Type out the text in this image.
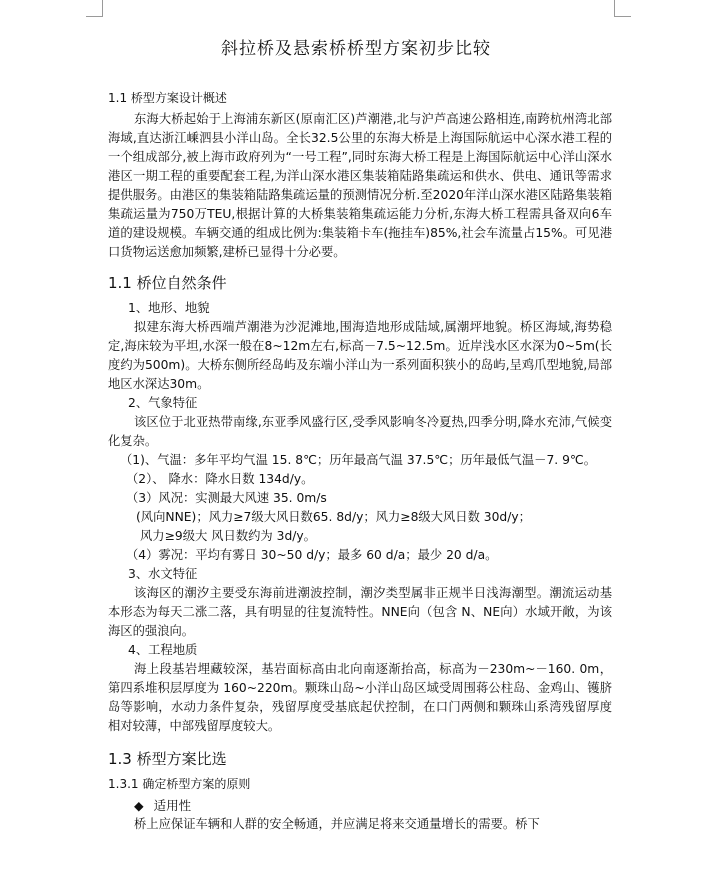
斜拉桥及悬索桥桥型方案初步比较
1.1 桥型方案设计概述

东海大桥起始于上海浦东新区(原南汇区)芦潮港,北与沪芦高速公路相连,南跨杭州湾北部海域,直达浙江嵊泗县小洋山岛。全长32.5公里的东海大桥是上海国际航运中心深水港工程的一个组成部分,被上海市政府列为“一号工程”,同时东海大桥工程是上海国际航运中心洋山深水港区一期工程的重要配套工程,为洋山深水港区集装箱陆路集疏运和供水、供电、通讯等需求提供服务。由港区的集装箱陆路集疏运量的预测情况分析.至2020年洋山深水港区陆路集装箱集疏运量为750万TEU,根据计算的大桥集装箱集疏运能力分析,东海大桥工程需具备双向6车道的建设规模。车辆交通的组成比例为:集装箱卡车(拖挂车)85%,社会车流量占15%。可见港口货物运送愈加频繁,建桥已显得十分必要。

1.1 桥位自然条件
1、地形、地貌

拟建东海大桥西端芦潮港为沙泥滩地,围海造地形成陆域,属潮坪地貌。桥区海域,海势稳定,海床较为平坦,水深一般在8~12m左右,标高－7.5~12.5m。近岸浅水区水深为0~5m(长度约为500m)。大桥东侧所经岛屿及东端小洋山为一系列面积狭小的岛屿,呈鸡爪型地貌,局部地区水深达30m。

2、气象特征

该区位于北亚热带南缘,东亚季风盛行区,受季风影响冬冷夏热,四季分明,降水充沛,气候变化复杂。

（1)、气温：多年平均气温 15. 8℃；历年最高气温 37.5℃；历年最低气温－7. 9℃。

（2）、 降水：降水日数 134d/y。
（3）风况：实测最大风速 35. 0m/s
(风向NNE)；风力≥7级大风日数65. 8d/y；风力≥8级大风日数 30d/y；
风力≥9级大 风日数约为 3d/y。
（4）雾况：平均有雾日 30~50 d/y；最多 60 d/a；最少 20 d/a。
3、水文特征

该海区的潮汐主要受东海前进潮波控制，潮汐类型属非正规半日浅海潮型。潮流运动基本形态为每天二涨二落，具有明显的往复流特性。NNE向（包含 N、NE向）水域开敞，为该海区的强浪向。

4、工程地质

海上段基岩埋藏较深，基岩面标高由北向南逐渐抬高，标高为－230m~－160. 0m，第四系堆积层厚度为 160~220m。颗珠山岛~小洋山岛区域受周围蒋公柱岛、金鸡山、镬脐岛等影响，水动力条件复杂，残留厚度受基底起伏控制，在口门两侧和颗珠山系湾残留厚度相对较薄，中部残留厚度较大。

1.3 桥型方案比选
1.3.1 确定桥型方案的原则
◆ 适用性

桥上应保证车辆和人群的安全畅通，并应满足将来交通量增长的需要。桥下
